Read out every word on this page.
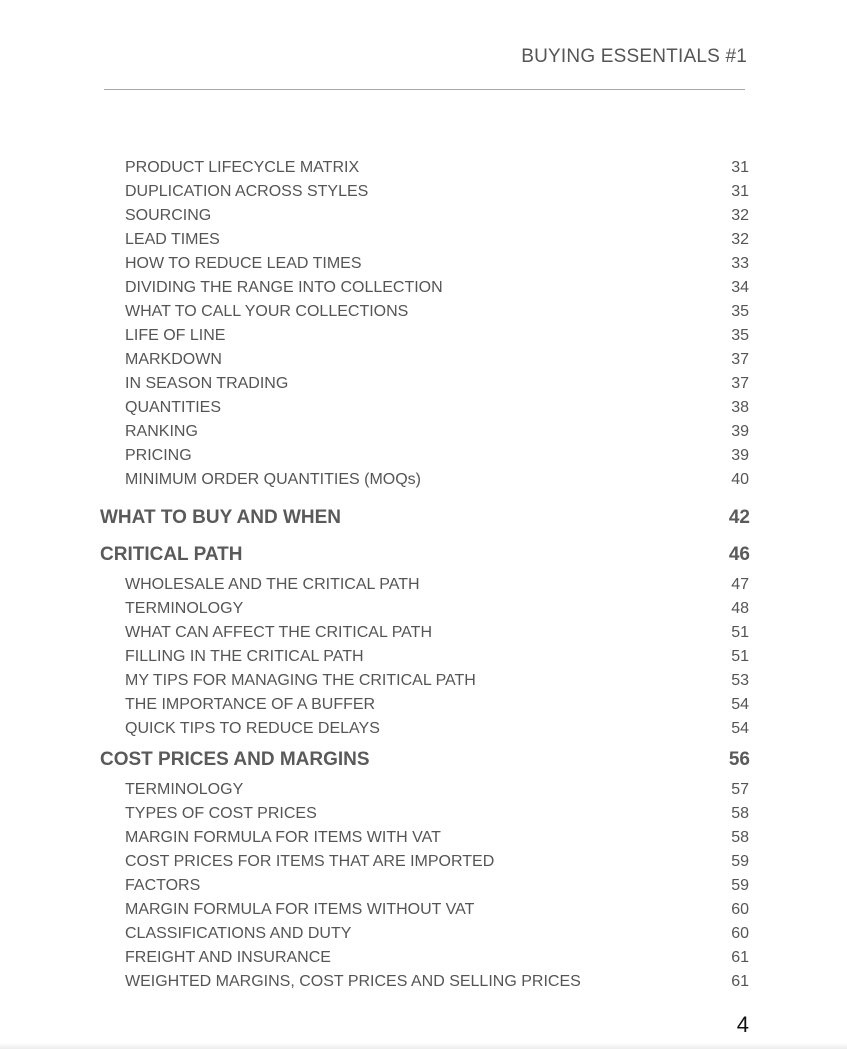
BUYING ESSENTIALS #1
PRODUCT LIFECYCLE MATRIX	31
DUPLICATION ACROSS STYLES	31
SOURCING	32
LEAD TIMES	32
HOW TO REDUCE LEAD TIMES	33
DIVIDING THE RANGE INTO COLLECTION	34
WHAT TO CALL YOUR COLLECTIONS	35
LIFE OF LINE	35
MARKDOWN	37
IN SEASON TRADING	37
QUANTITIES	38
RANKING	39
PRICING	39
MINIMUM ORDER QUANTITIES (MOQs)	40
WHAT TO BUY AND WHEN	42
CRITICAL PATH	46
WHOLESALE AND THE CRITICAL PATH	47
TERMINOLOGY	48
WHAT CAN AFFECT THE CRITICAL PATH	51
FILLING IN THE CRITICAL PATH	51
MY TIPS FOR MANAGING THE CRITICAL PATH	53
THE IMPORTANCE OF A BUFFER	54
QUICK TIPS TO REDUCE DELAYS	54
COST PRICES AND MARGINS	56
TERMINOLOGY	57
TYPES OF COST PRICES	58
MARGIN FORMULA FOR ITEMS WITH VAT	58
COST PRICES FOR ITEMS THAT ARE IMPORTED	59
FACTORS	59
MARGIN FORMULA FOR ITEMS WITHOUT VAT	60
CLASSIFICATIONS AND DUTY	60
FREIGHT AND INSURANCE	61
WEIGHTED MARGINS, COST PRICES AND SELLING PRICES	61
4
